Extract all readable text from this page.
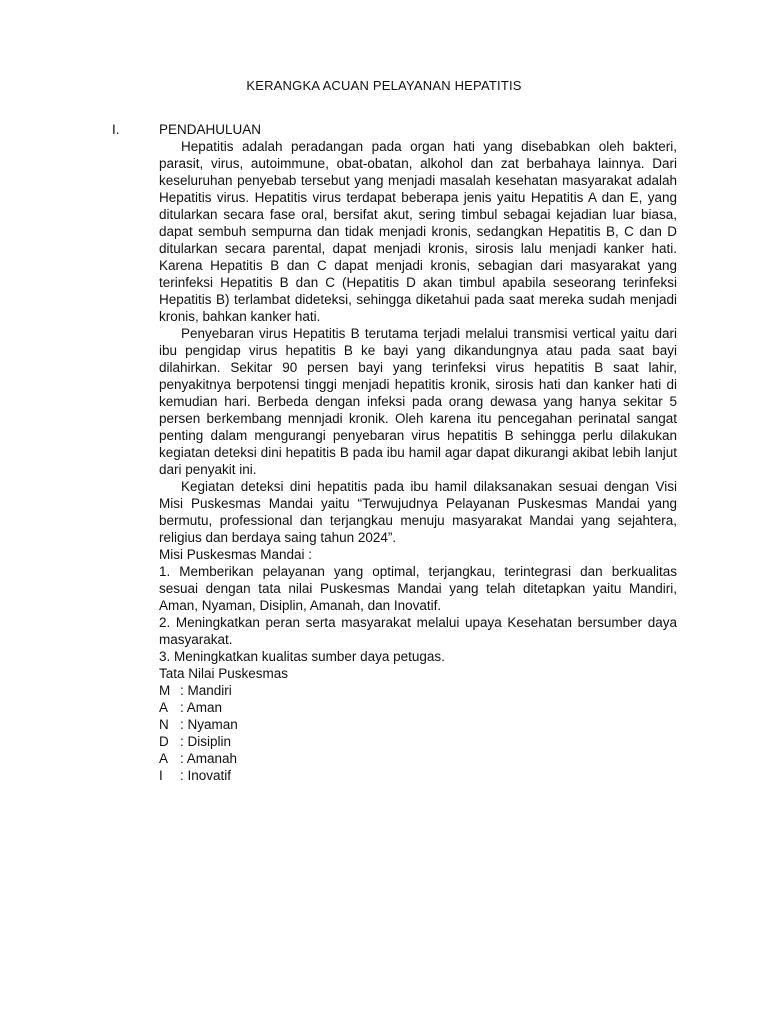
KERANGKA ACUAN PELAYANAN HEPATITIS
I.	PENDAHULUAN

Hepatitis adalah peradangan pada organ hati yang disebabkan oleh bakteri, parasit, virus, autoimmune, obat-obatan, alkohol dan zat berbahaya lainnya. Dari keseluruhan penyebab tersebut yang menjadi masalah kesehatan masyarakat adalah Hepatitis virus. Hepatitis virus terdapat beberapa jenis yaitu Hepatitis A dan E, yang ditularkan secara fase oral, bersifat akut, sering timbul sebagai kejadian luar biasa, dapat sembuh sempurna dan tidak menjadi kronis, sedangkan Hepatitis B, C dan D ditularkan secara parental, dapat menjadi kronis, sirosis lalu menjadi kanker hati. Karena Hepatitis B dan C dapat menjadi kronis, sebagian dari masyarakat yang terinfeksi Hepatitis B dan C (Hepatitis D akan timbul apabila seseorang terinfeksi Hepatitis B) terlambat dideteksi, sehingga diketahui pada saat mereka sudah menjadi kronis, bahkan kanker hati.

Penyebaran virus Hepatitis B terutama terjadi melalui transmisi vertical yaitu dari ibu pengidap virus hepatitis B ke bayi yang dikandungnya atau pada saat bayi dilahirkan. Sekitar 90 persen bayi yang terinfeksi virus hepatitis B saat lahir, penyakitnya berpotensi tinggi menjadi hepatitis kronik, sirosis hati dan kanker hati di kemudian hari. Berbeda dengan infeksi pada orang dewasa yang hanya sekitar 5 persen berkembang mennjadi kronik. Oleh karena itu pencegahan perinatal sangat penting dalam mengurangi penyebaran virus hepatitis B sehingga perlu dilakukan kegiatan deteksi dini hepatitis B pada ibu hamil agar dapat dikurangi akibat lebih lanjut dari penyakit ini.

Kegiatan deteksi dini hepatitis pada ibu hamil dilaksanakan sesuai dengan Visi Misi Puskesmas Mandai yaitu “Terwujudnya Pelayanan Puskesmas Mandai yang bermutu, professional dan terjangkau menuju masyarakat Mandai yang sejahtera, religius dan berdaya saing tahun 2024”.

Misi Puskesmas Mandai :

1. Memberikan pelayanan yang optimal, terjangkau, terintegrasi dan berkualitas sesuai dengan tata nilai Puskesmas Mandai yang telah ditetapkan yaitu Mandiri, Aman, Nyaman, Disiplin, Amanah, dan Inovatif.

2. Meningkatkan peran serta masyarakat melalui upaya Kesehatan bersumber daya masyarakat.

3. Meningkatkan kualitas sumber daya petugas.

Tata Nilai Puskesmas

M : Mandiri
A : Aman
N : Nyaman
D : Disiplin
A : Amanah
I	: Inovatif
